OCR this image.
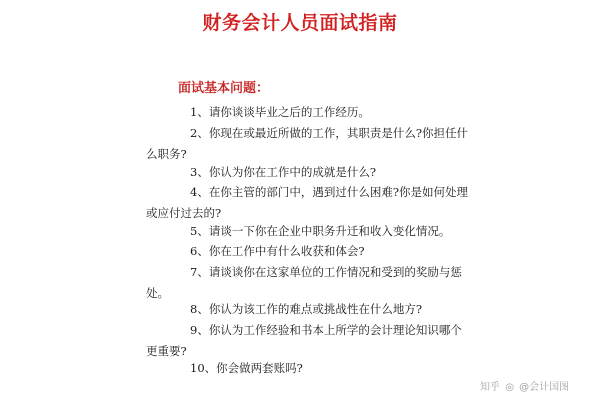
财务会计人员面试指南
面试基本问题：
1、请你谈谈毕业之后的工作经历。
2、你现在或最近所做的工作，其职责是什么?你担任什
么职务?
3、你认为你在工作中的成就是什么?
4、在你主管的部门中，遇到过什么困难?你是如何处理
或应付过去的?
5、请谈一下你在企业中职务升迁和收入变化情况。
6、你在工作中有什么收获和体会?
7、请谈谈你在这家单位的工作情况和受到的奖励与惩
处。
8、你认为该工作的难点或挑战性在什么地方?
9、你认为工作经验和书本上所学的会计理论知识哪个
更重要?
10、你会做两套账吗?
知乎 ◎ @会计国图
